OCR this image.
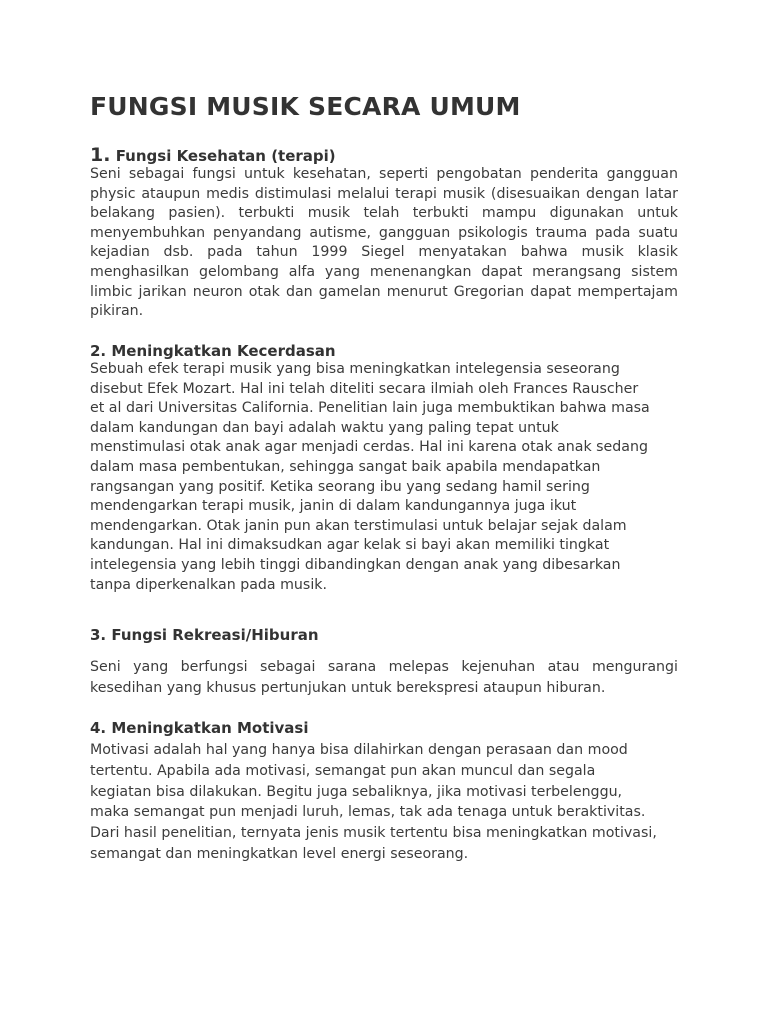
FUNGSI MUSIK SECARA UMUM
1. Fungsi Kesehatan (terapi)

Seni sebagai fungsi untuk kesehatan, seperti pengobatan penderita gangguan physic ataupun medis distimulasi melalui terapi musik (disesuaikan dengan latar belakang pasien). terbukti musik telah terbukti mampu digunakan untuk menyembuhkan penyandang autisme, gangguan psikologis trauma pada suatu kejadian dsb. pada tahun 1999 Siegel menyatakan bahwa musik klasik menghasilkan gelombang alfa yang menenangkan dapat merangsang sistem limbic jarikan neuron otak dan gamelan menurut Gregorian dapat mempertajam pikiran.

2. Meningkatkan Kecerdasan

Sebuah efek terapi musik yang bisa meningkatkan intelegensia seseorang disebut Efek Mozart. Hal ini telah diteliti secara ilmiah oleh Frances Rauscher et al dari Universitas California. Penelitian lain juga membuktikan bahwa masa dalam kandungan dan bayi adalah waktu yang paling tepat untuk menstimulasi otak anak agar menjadi cerdas. Hal ini karena otak anak sedang dalam masa pembentukan, sehingga sangat baik apabila mendapatkan rangsangan yang positif. Ketika seorang ibu yang sedang hamil sering mendengarkan terapi musik, janin di dalam kandungannya juga ikut mendengarkan. Otak janin pun akan terstimulasi untuk belajar sejak dalam kandungan. Hal ini dimaksudkan agar kelak si bayi akan memiliki tingkat intelegensia yang lebih tinggi dibandingkan dengan anak yang dibesarkan tanpa diperkenalkan pada musik.

3. Fungsi Rekreasi/Hiburan

Seni yang berfungsi sebagai sarana melepas kejenuhan atau mengurangi kesedihan yang khusus pertunjukan untuk berekspresi ataupun hiburan.

4. Meningkatkan Motivasi

Motivasi adalah hal yang hanya bisa dilahirkan dengan perasaan dan mood tertentu. Apabila ada motivasi, semangat pun akan muncul dan segala kegiatan bisa dilakukan. Begitu juga sebaliknya, jika motivasi terbelenggu, maka semangat pun menjadi luruh, lemas, tak ada tenaga untuk beraktivitas. Dari hasil penelitian, ternyata jenis musik tertentu bisa meningkatkan motivasi, semangat dan meningkatkan level energi seseorang.
